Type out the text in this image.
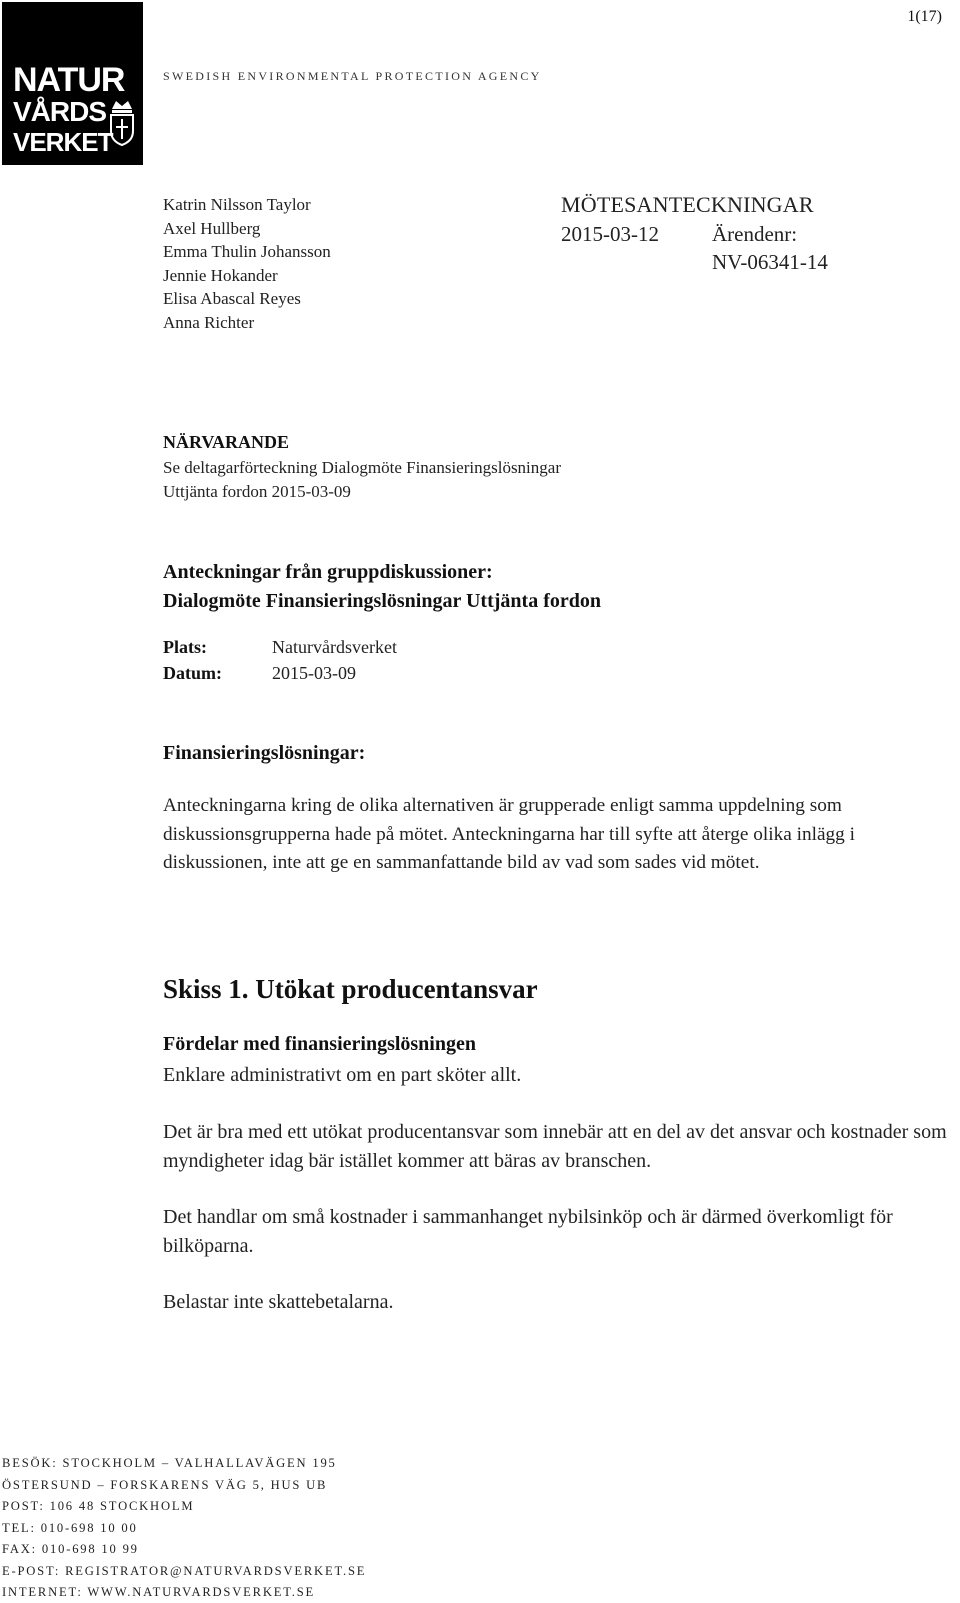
NATUR
VÅRDS
VERKET
SWEDISH ENVIRONMENTAL PROTECTION AGENCY
1(17)
Katrin Nilsson Taylor
Axel Hullberg
Emma Thulin Johansson
Jennie Hokander
Elisa Abascal Reyes
Anna Richter
MÖTESANTECKNINGAR
2015-03-12	Ärendenr:
NV-06341-14
NÄRVARANDE
Se deltagarförteckning Dialogmöte Finansieringslösningar Uttjänta fordon 2015-03-09
Anteckningar från gruppdiskussioner:
Dialogmöte Finansieringslösningar Uttjänta fordon
Plats:	Naturvårdsverket
Datum:	2015-03-09
Finansieringslösningar:
Anteckningarna kring de olika alternativen är grupperade enligt samma uppdelning som diskussionsgrupperna hade på mötet. Anteckningarna har till syfte att återge olika inlägg i diskussionen, inte att ge en sammanfattande bild av vad som sades vid mötet.
Skiss 1. Utökat producentansvar
Fördelar med finansieringslösningen
Enklare administrativt om en part sköter allt.
Det är bra med ett utökat producentansvar som innebär att en del av det ansvar och kostnader som myndigheter idag bär istället kommer att bäras av branschen.
Det handlar om små kostnader i sammanhanget nybilsinköp och är därmed överkomligt för bilköparna.
Belastar inte skattebetalarna.
BESÖK: STOCKHOLM – VALHALLAVÄGEN 195
ÖSTERSUND – FORSKARENS VÄG 5, HUS UB
POST: 106 48 STOCKHOLM
TEL: 010-698 10 00
FAX: 010-698 10 99
E-POST: REGISTRATOR@NATURVARDSVERKET.SE
INTERNET: WWW.NATURVARDSVERKET.SE
